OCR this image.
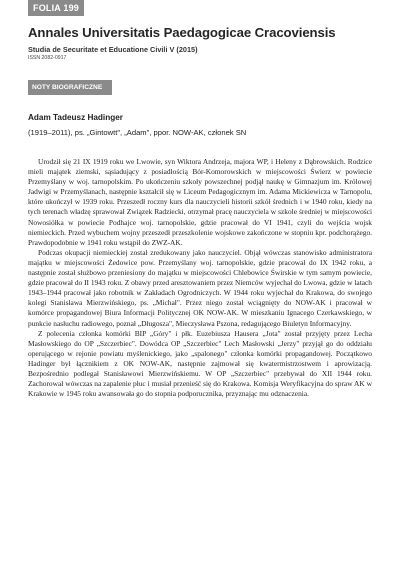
FOLIA 199
Annales Universitatis Paedagogicae Cracoviensis
Studia de Securitate et Educatione Civili V (2015)
ISSN 2082-0917
NOTY BIOGRAFICZNE
Adam Tadeusz Hadinger
(1919–2011), ps. „Gintowtt", „Adam", ppor. NOW-AK, członek SN

Urodził się 21 IX 1919 roku we Lwowie, syn Wiktora Andrzeja, majora WP, i Heleny z Dąbrowskich. Rodzice mieli majątek ziemski, sąsiadujący z posiadłością Bór-Komorowskich w miejscowości Świerz w powiecie Przemyślany w woj. tarnopolskim. Po ukończeniu szkoły powszechnej podjął naukę w Gimnazjum im. Królowej Jadwigi w Przemyślanach, następnie kształcił się w Liceum Pedagogicznym im. Adama Mickiewicza w Tarnopolu, które ukończył w 1939 roku. Przeszedł roczny kurs dla nauczycieli historii szkół średnich i w 1940 roku, kiedy na tych terenach władzę sprawował Związek Radziecki, otrzymał pracę nauczyciela w szkole średniej w miejscowości Nowosiółka w powiecie Podhajce woj. tarnopolskie, gdzie pracował do VI 1941, czyli do wejścia wojsk niemieckich. Przed wybuchem wojny przeszedł przeszkolenie wojskowe zakończone w stopniu kpr. podchorążego. Prawdopodobnie w 1941 roku wstąpił do ZWZ-AK.

Podczas okupacji niemieckiej został zredukowany jako nauczyciel. Objął wówczas stanowisko administratora majątku w miejscowości Żedowice pow. Przemyślany woj. tarnopolskie, gdzie pracował do IX 1942 roku, a następnie został służbowo przeniesiony do majątku w miejscowości Chlebowice Świrskie w tym samym powiecie, gdzie pracował do II 1943 roku. Z obawy przed aresztowaniem przez Niemców wyjechał do Lwowa, gdzie w latach 1943–1944 pracował jako robotnik w Zakładach Ogrodniczych. W 1944 roku wyjechał do Krakowa, do swojego kolegi Stanisława Mierzwińskiego, ps. „Michał". Przez niego został wciągnięty do NOW-AK i pracował w komórce propagandowej Biura Informacji Politycznej OK NOW-AK. W mieszkaniu Ignacego Czerkawskiego, w punkcie nasłuchu radiowego, poznał „Długosza", Mieczysława Pszona, redagującego Biuletyn Informacyjny.

Z polecenia członka komórki BIP „Góry" i płk. Euzebiusza Hausera „Jota" został przyjęty przez Lecha Masłowskiego do OP „Szczerbiec". Dowódca OP „Szczerbiec" Lech Masłowski „Jerzy" przyjął go do oddziału operującego w rejonie powiatu myślenickiego, jako „spalonego" członka komórki propagandowej. Początkowo Hadinger był łącznikiem z OK NOW-AK, następnie zajmował się kwatermistrzostwem i aprowizacją. Bezpośrednio podlegał Stanisławowi Mierzwińskiemu. W OP „Szczerbiec" przebywał do XII 1944 roku. Zachorował wówczas na zapalenie płuc i musiał przenieść się do Krakowa. Komisja Weryfikacyjna do spraw AK w Krakowie w 1945 roku awansowała go do stopnia podporucznika, przyznając mu odznaczenia.
